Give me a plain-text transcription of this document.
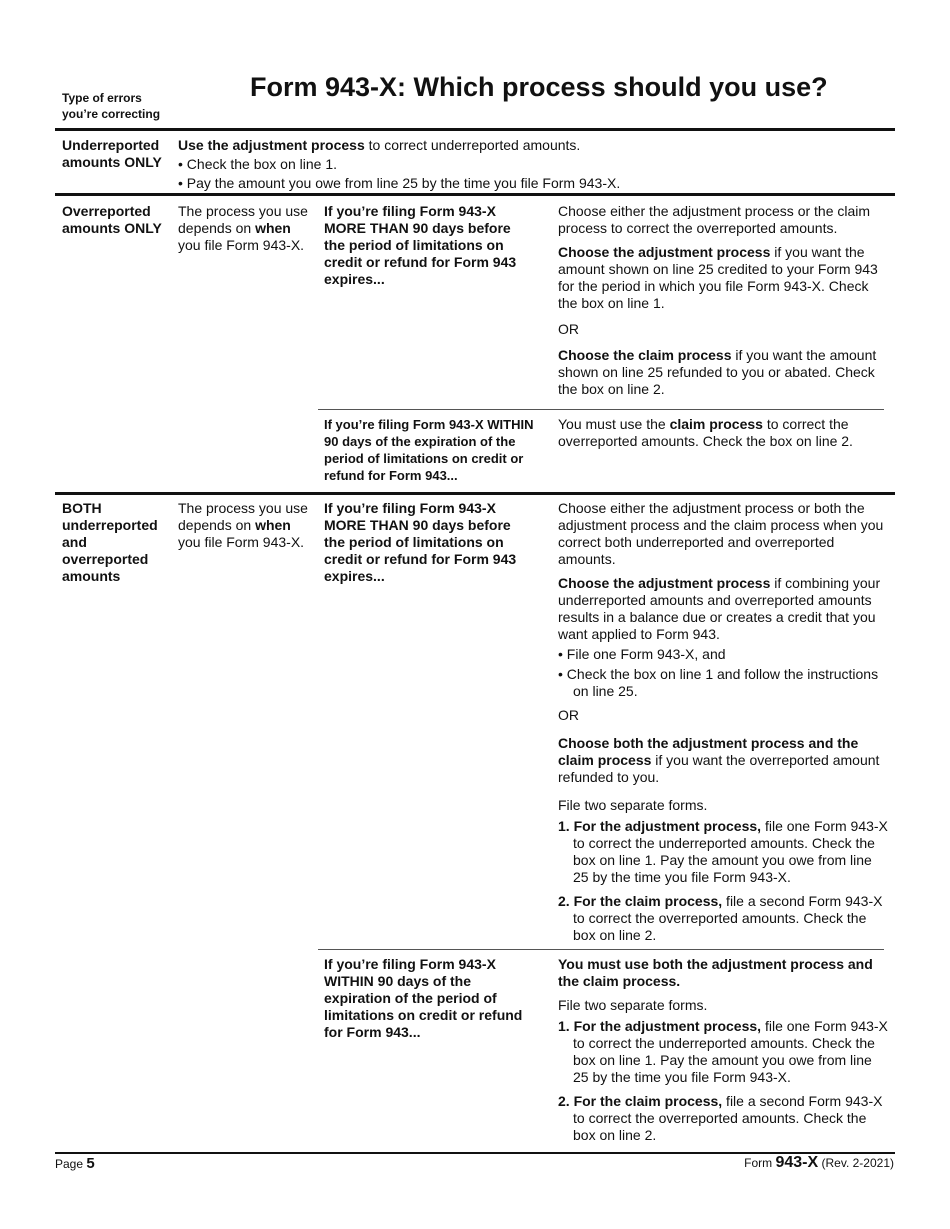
Type of errors you’re correcting
Form 943-X: Which process should you use?
Underreported amounts ONLY
Use the adjustment process to correct underreported amounts.
• Check the box on line 1.
• Pay the amount you owe from line 25 by the time you file Form 943-X.
Overreported amounts ONLY
The process you use depends on when you file Form 943-X.
If you’re filing Form 943-X MORE THAN 90 days before the period of limitations on credit or refund for Form 943 expires...
Choose either the adjustment process or the claim process to correct the overreported amounts.
Choose the adjustment process if you want the amount shown on line 25 credited to your Form 943 for the period in which you file Form 943-X. Check the box on line 1.
OR
Choose the claim process if you want the amount shown on line 25 refunded to you or abated. Check the box on line 2.
If you’re filing Form 943-X WITHIN 90 days of the expiration of the period of limitations on credit or refund for Form 943...
You must use the claim process to correct the overreported amounts. Check the box on line 2.
BOTH underreported and overreported amounts
The process you use depends on when you file Form 943-X.
If you’re filing Form 943-X MORE THAN 90 days before the period of limitations on credit or refund for Form 943 expires...
Choose either the adjustment process or both the adjustment process and the claim process when you correct both underreported and overreported amounts.
Choose the adjustment process if combining your underreported amounts and overreported amounts results in a balance due or creates a credit that you want applied to Form 943.
• File one Form 943-X, and
• Check the box on line 1 and follow the instructions on line 25.
OR
Choose both the adjustment process and the claim process if you want the overreported amount refunded to you.
File two separate forms.
1. For the adjustment process, file one Form 943-X to correct the underreported amounts. Check the box on line 1. Pay the amount you owe from line 25 by the time you file Form 943-X.
2. For the claim process, file a second Form 943-X to correct the overreported amounts. Check the box on line 2.
If you’re filing Form 943-X WITHIN 90 days of the expiration of the period of limitations on credit or refund for Form 943...
You must use both the adjustment process and the claim process.
File two separate forms.
1. For the adjustment process, file one Form 943-X to correct the underreported amounts. Check the box on line 1. Pay the amount you owe from line 25 by the time you file Form 943-X.
2. For the claim process, file a second Form 943-X to correct the overreported amounts. Check the box on line 2.
Page 5	Form 943-X (Rev. 2-2021)
